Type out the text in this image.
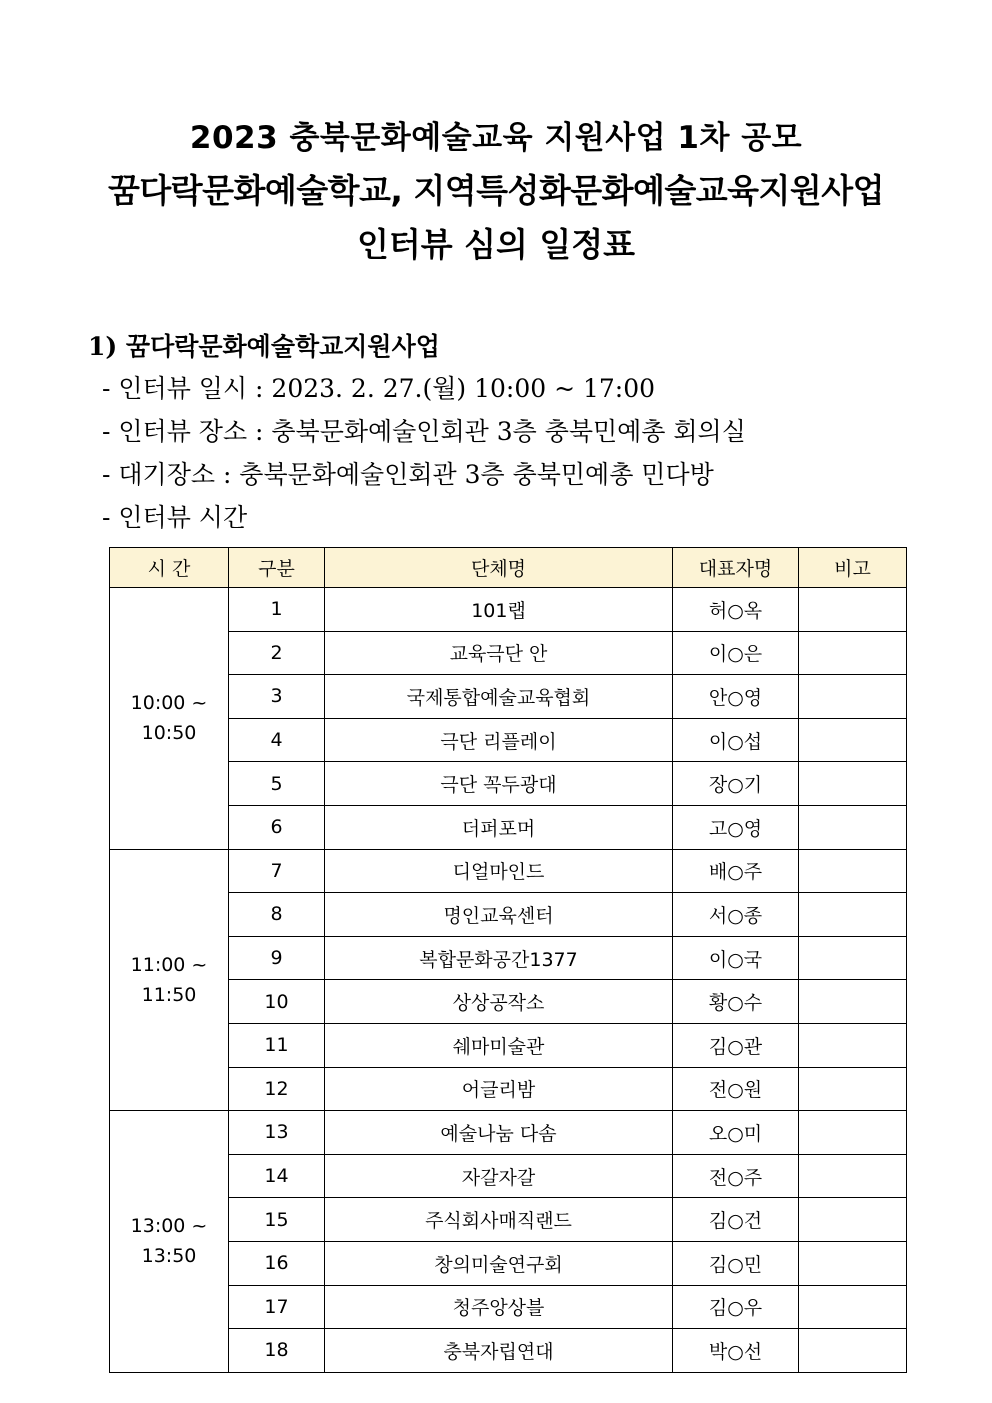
2023 충북문화예술교육 지원사업 1차 공모
꿈다락문화예술학교, 지역특성화문화예술교육지원사업
인터뷰 심의 일정표
1) 꿈다락문화예술학교지원사업
- 인터뷰 일시 : 2023. 2. 27.(월) 10:00 ~ 17:00
- 인터뷰 장소 : 충북문화예술인회관 3층 충북민예총 회의실
- 대기장소 : 충북문화예술인회관 3층 충북민예총 민다방
- 인터뷰 시간
시 간	구분	단체명	대표자명	비고

10:00 ~
10:50	1	101랩	허○옥	
	2	교육극단 안	이○은	
	3	국제통합예술교육협회	안○영	
	4	극단 리플레이	이○섭	
	5	극단 꼭두광대	장○기	
	6	더퍼포머	고○영	

11:00 ~
11:50	7	디얼마인드	배○주	
	8	명인교육센터	서○종	
	9	복합문화공간1377	이○국	
	10	상상공작소	황○수	
	11	쉐마미술관	김○관	
	12	어글리밤	전○원	

13:00 ~
13:50	13	예술나눔 다솜	오○미	
	14	자갈자갈	전○주	
	15	주식회사매직랜드	김○건	
	16	창의미술연구회	김○민	
	17	청주앙상블	김○우	
	18	충북자립연대	박○선	
